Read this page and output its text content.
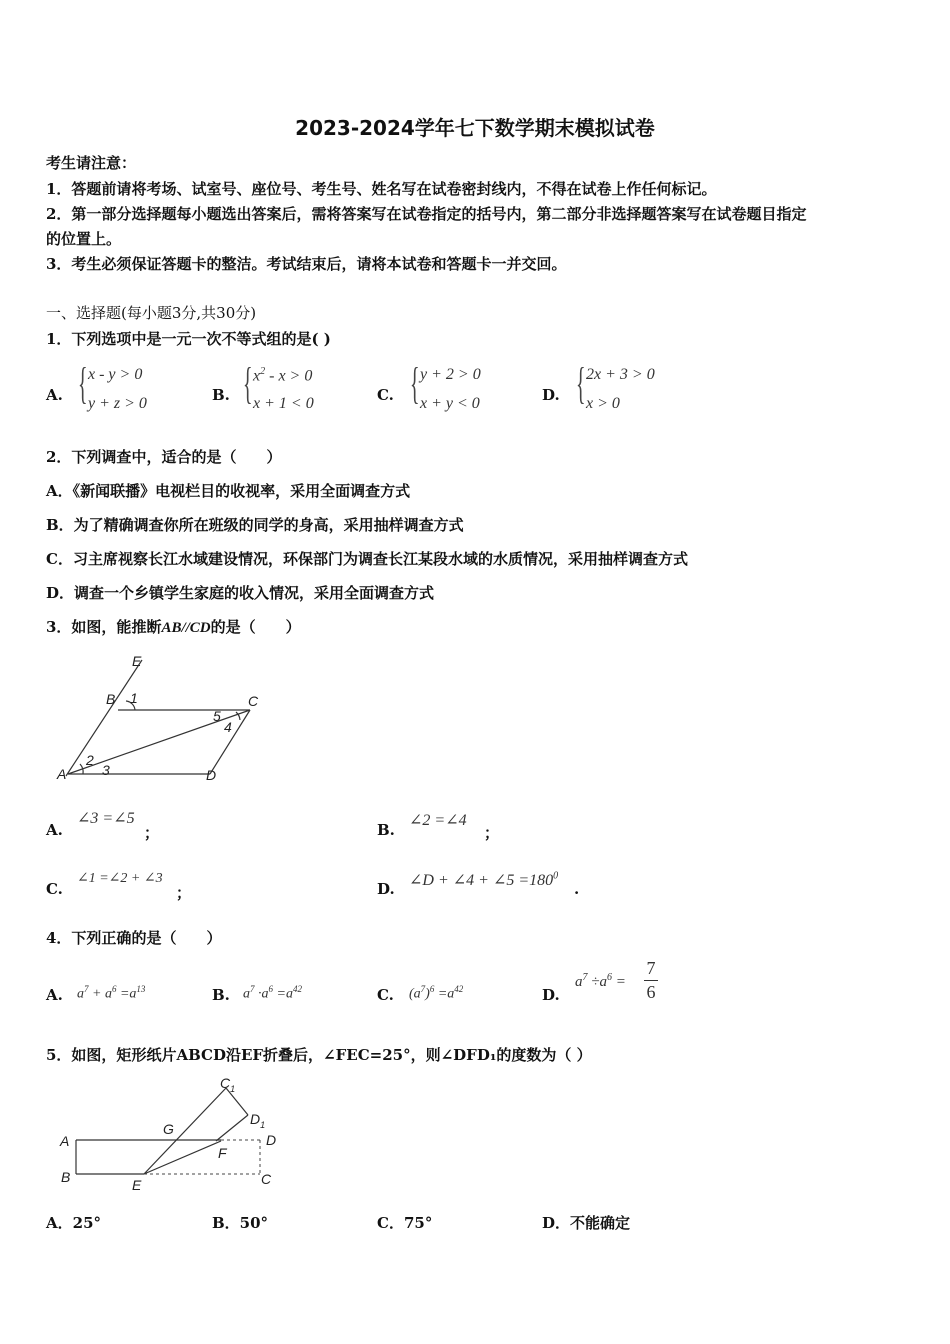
2023-2024学年七下数学期末模拟试卷
考生请注意：
1．答题前请将考场、试室号、座位号、考生号、姓名写在试卷密封线内，不得在试卷上作任何标记。
2．第一部分选择题每小题选出答案后，需将答案写在试卷指定的括号内，第二部分非选择题答案写在试卷题目指定
的位置上。
3．考生必须保证答题卡的整洁。考试结束后，请将本试卷和答题卡一并交回。
一、选择题(每小题3分,共30分)
1．下列选项中是一元一次不等式组的是( )
A. { x - y > 0
y + z > 0	B. { $x^2 - x > 0$
x + 1 < 0	C. { y + 2 > 0
x + y < 0	D. { 2x + 3 > 0
x > 0
2．下列调查中，适合的是（　　）
A．《新闻联播》电视栏目的收视率，采用全面调查方式
B．为了精确调查你所在班级的同学的身高，采用抽样调查方式
C．习主席视察长江水域建设情况，环保部门为调查长江某段水域的水质情况，采用抽样调查方式
D．调查一个乡镇学生家庭的收入情况，采用全面调查方式
3．如图，能推断AB//CD的是（　　）
E
B 1	C
5
4
A
2
3	D
A.
∠3 =∠5
；	B.
∠2 =∠4
；
C.
∠1 =∠2 + ∠3
；	D. ∠D + ∠4 + ∠5 $=180^0$
.
4．下列正确的是（　　）
A. $a^7 + a^6 =a^{13}$	B. $a^7 \cdot a^6 =a^{42}$	C. $(a^7)^6 =a^{42}$	D.
$a^7 \div a^6$ =
7
6
5．如图，矩形纸片ABCD沿EF折叠后，∠FEC=25°，则∠DFD₁的度数为（ ）
$C_1$
$D_1$
G
A	D
F
B	E	C
A．25°	B．50°	C．75°	D．不能确定
